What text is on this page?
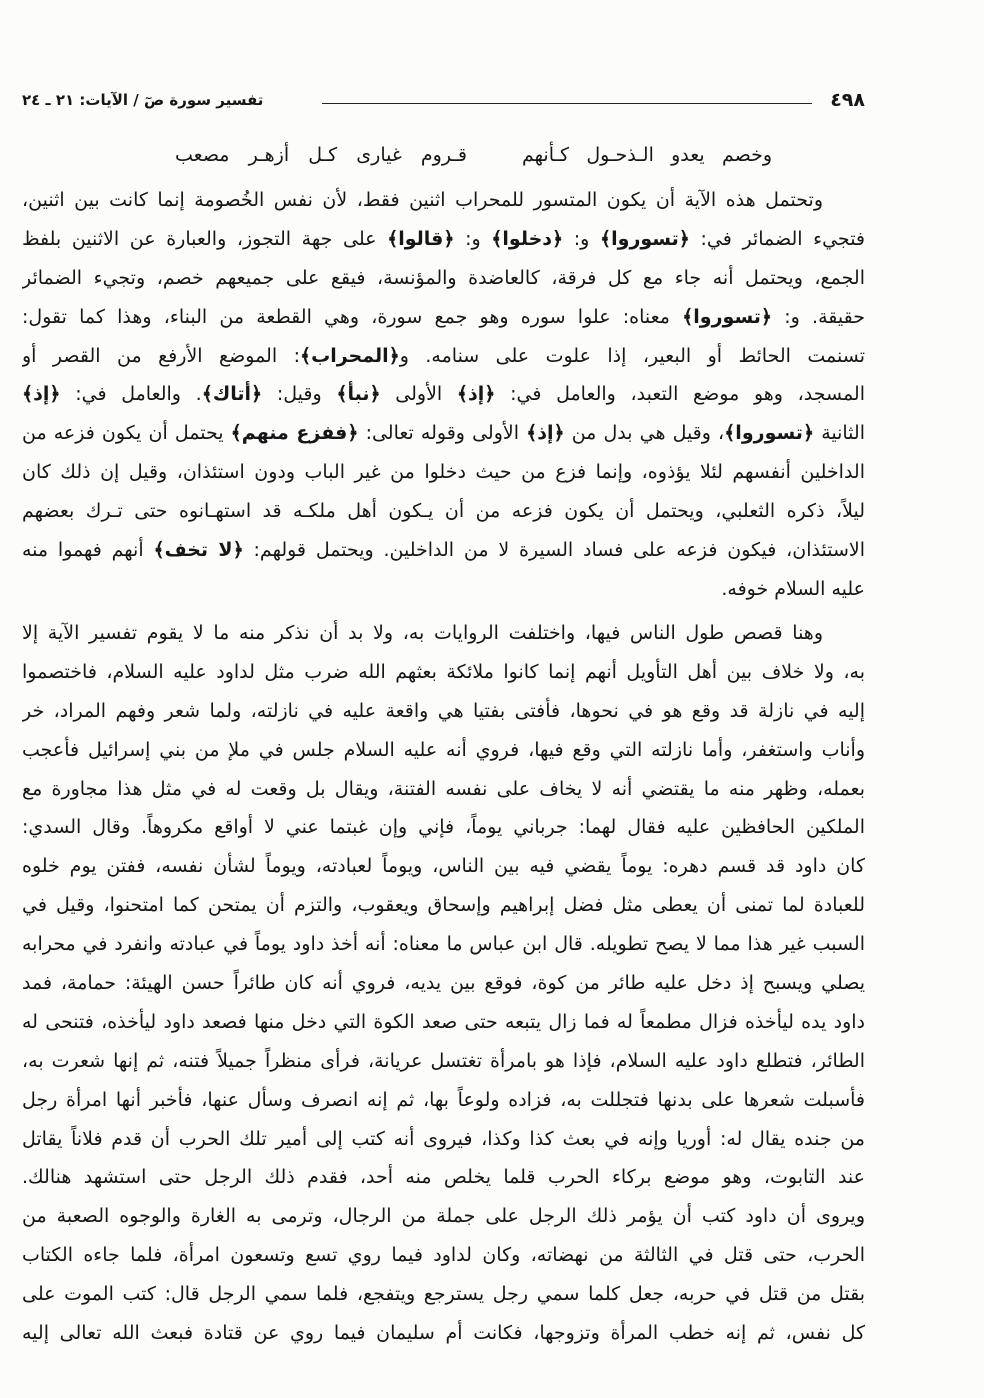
٤٩٨
تفسير سورة صٓ / الآيات: ٢١ ـ ٢٤
وخصم يعدو الـذحـول كـأنهم
قـروم غيارى كـل أزهـر مصعب
وتحتمل هذه الآية أن يكون المتسور للمحراب اثنين فقط، لأن نفس الخُصومة إنما كانت بين اثنين،
فتجيء الضمائر في: ﴿تسوروا﴾ و: ﴿دخلوا﴾ و: ﴿قالوا﴾ على جهة التجوز، والعبارة عن الاثنين بلفظ
الجمع، ويحتمل أنه جاء مع كل فرقة، كالعاضدة والمؤنسة، فيقع على جميعهم خصم، وتجيء الضمائر
حقيقة. و: ﴿تسوروا﴾ معناه: علوا سوره وهو جمع سورة، وهي القطعة من البناء، وهذا كما تقول:
تسنمت الحائط أو البعير، إذا علوت على سنامه. و﴿المحراب﴾: الموضع الأرفع من القصر أو
المسجد، وهو موضع التعبد، والعامل في: ﴿إذ﴾ الأولى ﴿نبأ﴾ وقيل: ﴿أتاك﴾. والعامل في: ﴿إذ﴾
الثانية ﴿تسوروا﴾، وقيل هي بدل من ﴿إذ﴾ الأولى وقوله تعالى: ﴿ففزع منهم﴾ يحتمل أن يكون فزعه من
الداخلين أنفسهم لئلا يؤذوه، وإنما فزع من حيث دخلوا من غير الباب ودون استئذان، وقيل إن ذلك كان
ليلاً، ذكره الثعلبي، ويحتمل أن يكون فزعه من أن يـكون أهل ملكـه قد استهـانوه حتى تـرك بعضهم
الاستئذان، فيكون فزعه على فساد السيرة لا من الداخلين. ويحتمل قولهم: ﴿لا تخف﴾ أنهم فهموا منه
عليه السلام خوفه.
وهنا قصص طول الناس فيها، واختلفت الروايات به، ولا بد أن نذكر منه ما لا يقوم تفسير الآية إلا
به، ولا خلاف بين أهل التأويل أنهم إنما كانوا ملائكة بعثهم الله ضرب مثل لداود عليه السلام، فاختصموا
إليه في نازلة قد وقع هو في نحوها، فأفتى بفتيا هي واقعة عليه في نازلته، ولما شعر وفهم المراد، خر
وأناب واستغفر، وأما نازلته التي وقع فيها، فروي أنه عليه السلام جلس في ملإ من بني إسرائيل فأعجب
بعمله، وظهر منه ما يقتضي أنه لا يخاف على نفسه الفتنة، ويقال بل وقعت له في مثل هذا مجاورة مع
الملكين الحافظين عليه فقال لهما: جرباني يوماً، فإني وإن غبتما عني لا أواقع مكروهاً. وقال السدي:
كان داود قد قسم دهره: يوماً يقضي فيه بين الناس، ويوماً لعبادته، ويوماً لشأن نفسه، ففتن يوم خلوه
للعبادة لما تمنى أن يعطى مثل فضل إبراهيم وإسحاق ويعقوب، والتزم أن يمتحن كما امتحنوا، وقيل في
السبب غير هذا مما لا يصح تطويله. قال ابن عباس ما معناه: أنه أخذ داود يوماً في عبادته وانفرد في محرابه
يصلي ويسبح إذ دخل عليه طائر من كوة، فوقع بين يديه، فروي أنه كان طائراً حسن الهيئة: حمامة، فمد
داود يده ليأخذه فزال مطمعاً له فما زال يتبعه حتى صعد الكوة التي دخل منها فصعد داود ليأخذه، فتنحى له
الطائر، فتطلع داود عليه السلام، فإذا هو بامرأة تغتسل عريانة، فرأى منظراً جميلاً فتنه، ثم إنها شعرت به،
فأسبلت شعرها على بدنها فتجللت به، فزاده ولوعاً بها، ثم إنه انصرف وسأل عنها، فأخبر أنها امرأة رجل
من جنده يقال له: أوريا وإنه في بعث كذا وكذا، فيروى أنه كتب إلى أمير تلك الحرب أن قدم فلاناً يقاتل
عند التابوت، وهو موضع بركاء الحرب قلما يخلص منه أحد، فقدم ذلك الرجل حتى استشهد هنالك.
ويروى أن داود كتب أن يؤمر ذلك الرجل على جملة من الرجال، وترمى به الغارة والوجوه الصعبة من
الحرب، حتى قتل في الثالثة من نهضاته، وكان لداود فيما روي تسع وتسعون امرأة، فلما جاءه الكتاب
بقتل من قتل في حربه، جعل كلما سمي رجل يسترجع ويتفجع، فلما سمي الرجل قال: كتب الموت على
كل نفس، ثم إنه خطب المرأة وتزوجها، فكانت أم سليمان فيما روي عن قتادة فبعث الله تعالى إليه
